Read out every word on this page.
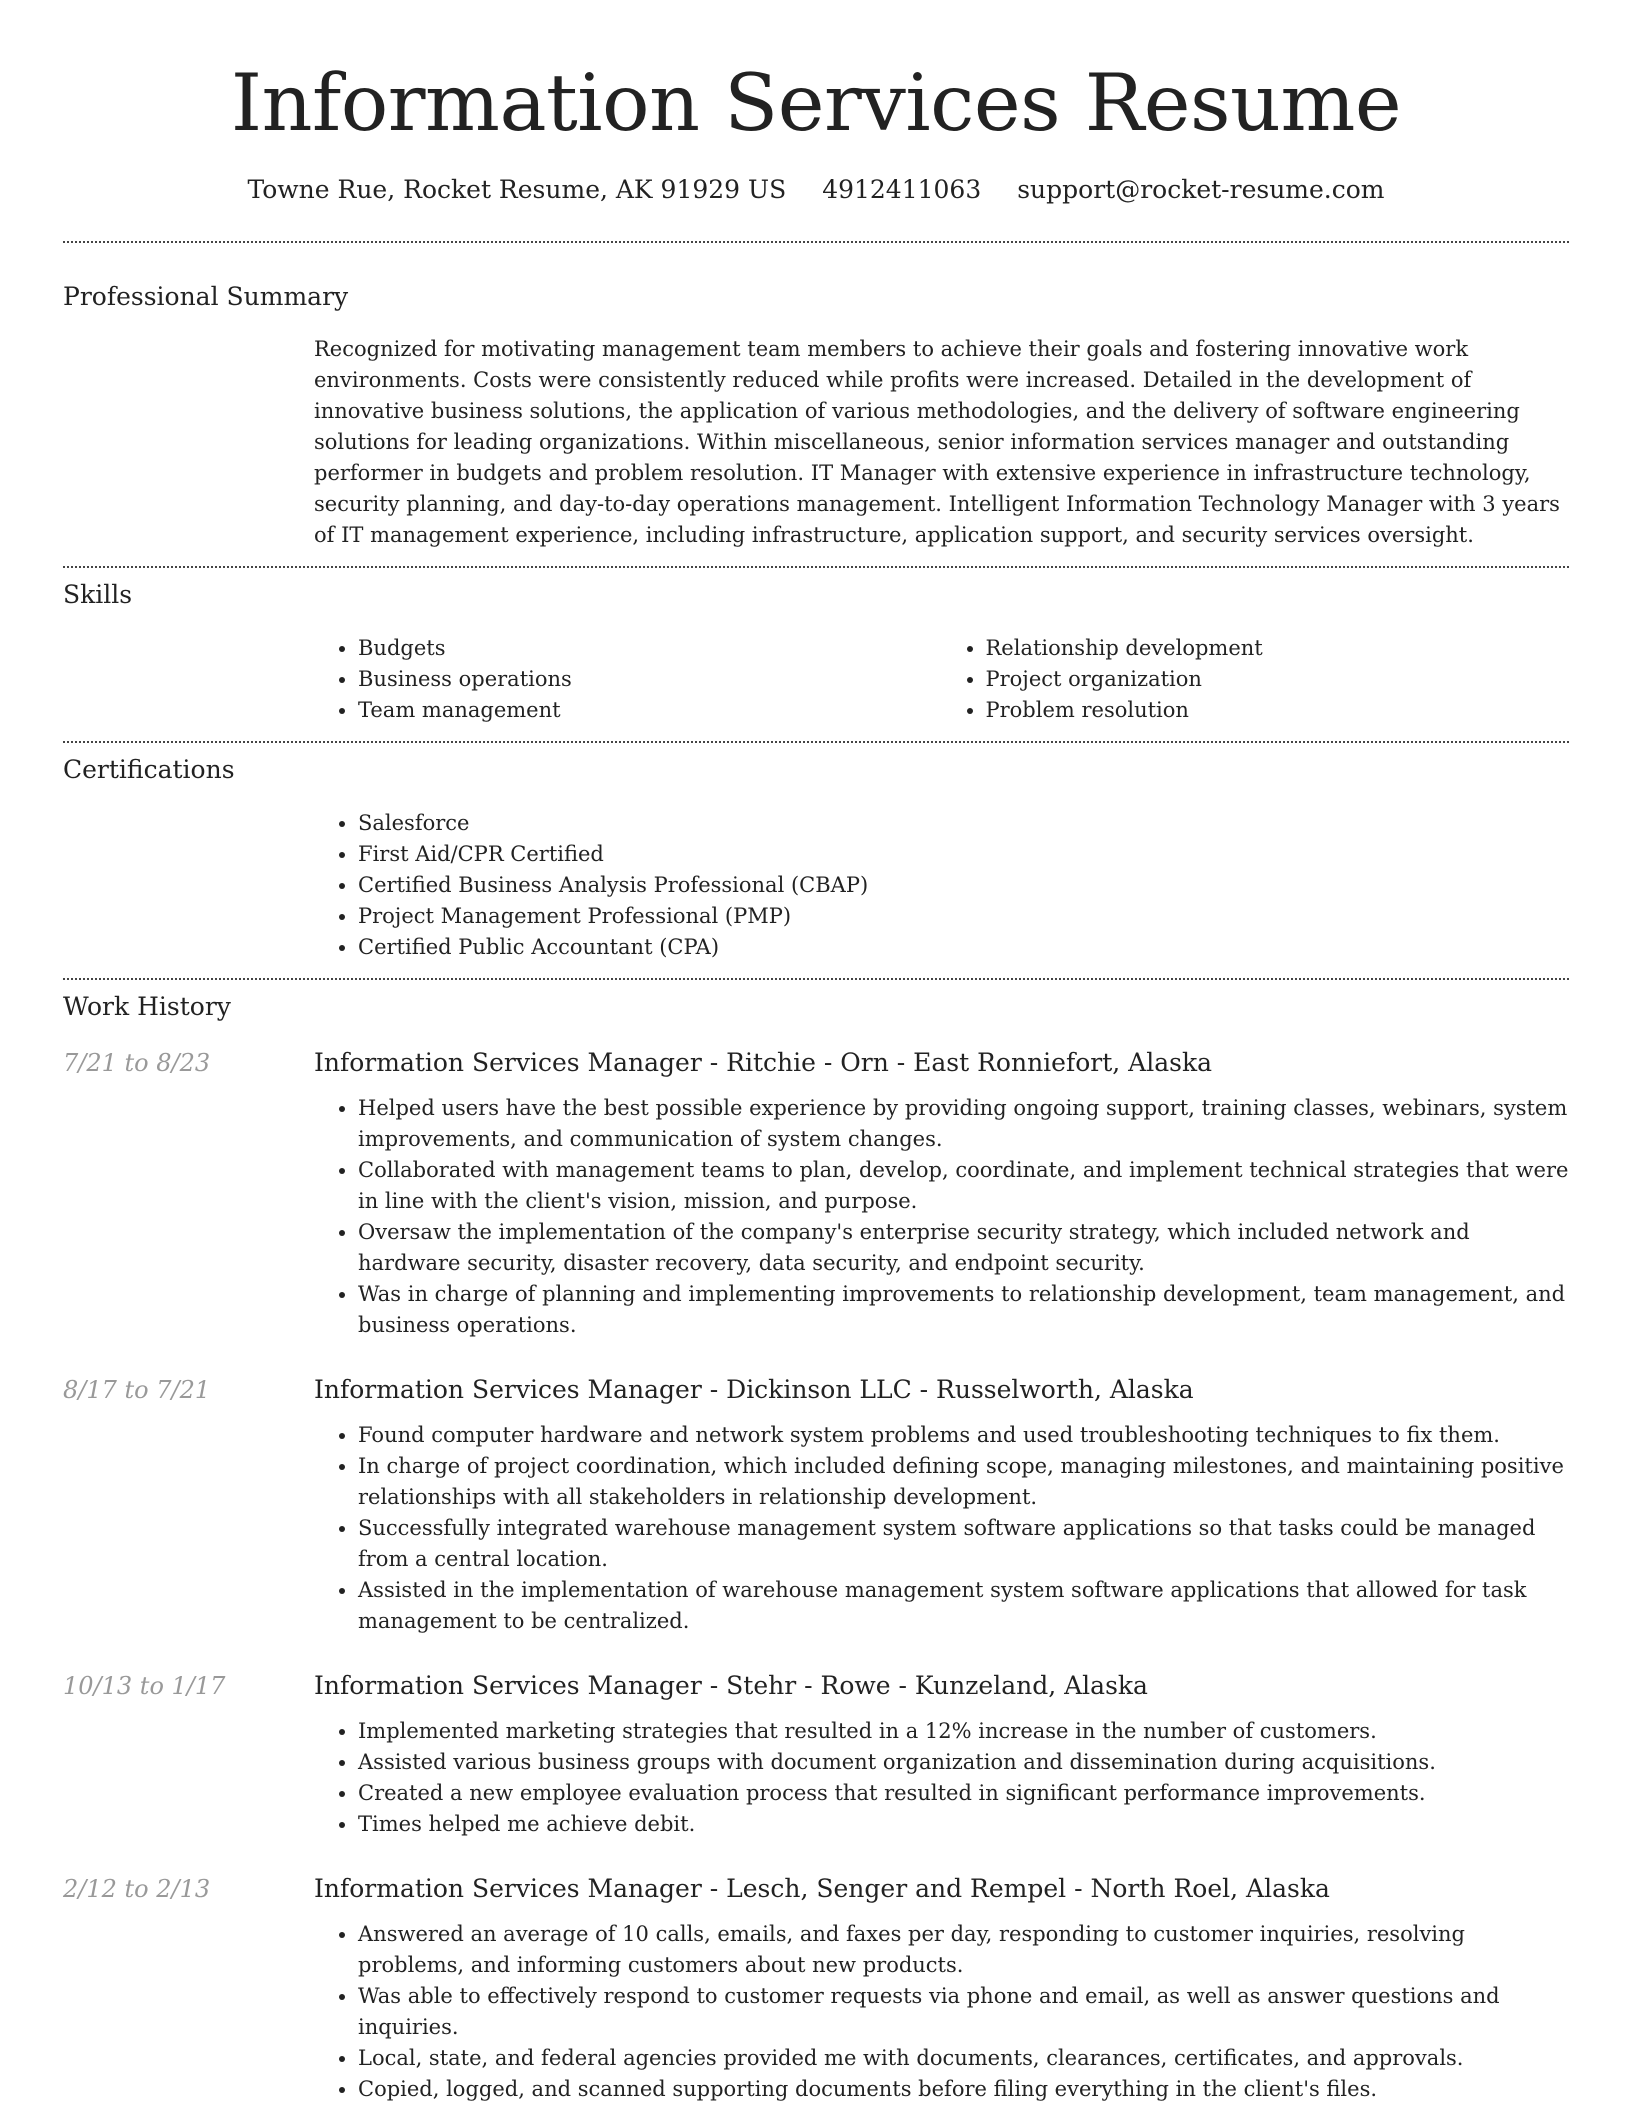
Information Services Resume
Towne Rue, Rocket Resume, AK 91929 US 4912411063 support@rocket-resume.com
Professional Summary

Recognized for motivating management team members to achieve their goals and fostering innovative work environments. Costs were consistently reduced while profits were increased. Detailed in the development of innovative business solutions, the application of various methodologies, and the delivery of software engineering solutions for leading organizations. Within miscellaneous, senior information services manager and outstanding performer in budgets and problem resolution. IT Manager with extensive experience in infrastructure technology, security planning, and day-to-day operations management. Intelligent Information Technology Manager with 3 years of IT management experience, including infrastructure, application support, and security services oversight.

Skills
• Budgets
• Business operations
• Team management
• Relationship development
• Project organization
• Problem resolution
Certifications
• Salesforce
• First Aid/CPR Certified
• Certified Business Analysis Professional (CBAP)
• Project Management Professional (PMP)
• Certified Public Accountant (CPA)
Work History
7/21 to 8/23	Information Services Manager - Ritchie - Orn - East Ronniefort, Alaska
• Helped users have the best possible experience by providing ongoing support, training classes, webinars, system improvements, and communication of system changes.
• Collaborated with management teams to plan, develop, coordinate, and implement technical strategies that were in line with the client's vision, mission, and purpose.
• Oversaw the implementation of the company's enterprise security strategy, which included network and hardware security, disaster recovery, data security, and endpoint security.
• Was in charge of planning and implementing improvements to relationship development, team management, and business operations.
8/17 to 7/21	Information Services Manager - Dickinson LLC - Russelworth, Alaska
• Found computer hardware and network system problems and used troubleshooting techniques to fix them.
• In charge of project coordination, which included defining scope, managing milestones, and maintaining positive relationships with all stakeholders in relationship development.
• Successfully integrated warehouse management system software applications so that tasks could be managed from a central location.
• Assisted in the implementation of warehouse management system software applications that allowed for task management to be centralized.
10/13 to 1/17	Information Services Manager - Stehr - Rowe - Kunzeland, Alaska
• Implemented marketing strategies that resulted in a 12% increase in the number of customers.
• Assisted various business groups with document organization and dissemination during acquisitions.
• Created a new employee evaluation process that resulted in significant performance improvements.
• Times helped me achieve debit.
2/12 to 2/13	Information Services Manager - Lesch, Senger and Rempel - North Roel, Alaska
• Answered an average of 10 calls, emails, and faxes per day, responding to customer inquiries, resolving problems, and informing customers about new products.
• Was able to effectively respond to customer requests via phone and email, as well as answer questions and inquiries.
• Local, state, and federal agencies provided me with documents, clearances, certificates, and approvals.
• Copied, logged, and scanned supporting documents before filing everything in the client's files.
